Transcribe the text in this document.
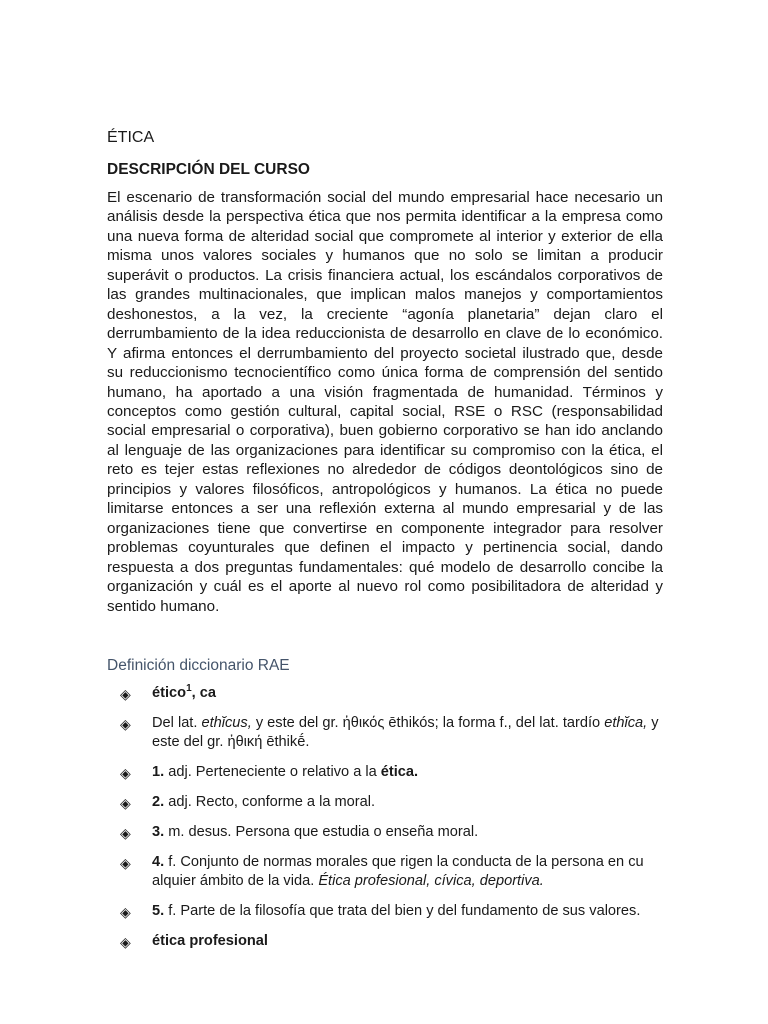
ÉTICA
DESCRIPCIÓN DEL CURSO

El escenario de transformación social del mundo empresarial hace necesario un análisis desde la perspectiva ética que nos permita identificar a la empresa como una nueva forma de alteridad social que compromete al interior y exterior de ella misma unos valores sociales y humanos que no solo se limitan a producir superávit o productos. La crisis financiera actual, los escándalos corporativos de las grandes multinacionales, que implican malos manejos y comportamientos deshonestos, a la vez, la creciente “agonía planetaria” dejan claro el derrumbamiento de la idea reduccionista de desarrollo en clave de lo económico. Y afirma entonces el derrumbamiento del proyecto societal ilustrado que, desde su reduccionismo tecnocientífico como única forma de comprensión del sentido humano, ha aportado a una visión fragmentada de humanidad. Términos y conceptos como gestión cultural, capital social, RSE o RSC (responsabilidad social empresarial o corporativa), buen gobierno corporativo se han ido anclando al lenguaje de las organizaciones para identificar su compromiso con la ética, el reto es tejer estas reflexiones no alrededor de códigos deontológicos sino de principios y valores filosóficos, antropológicos y humanos. La ética no puede limitarse entonces a ser una reflexión externa al mundo empresarial y de las organizaciones tiene que convertirse en componente integrador para resolver problemas coyunturales que definen el impacto y pertinencia social, dando respuesta a dos preguntas fundamentales: qué modelo de desarrollo concibe la organización y cuál es el aporte al nuevo rol como posibilitadora de alteridad y sentido humano.

Definición diccionario RAE
◈ ético$^1$, ca
◈ Del lat. ethĭcus, y este del gr. ἠθικός ēthikós; la forma f., del lat. tardío ethĭca, y este del gr. ἠθική ēthikḗ.
◈ 1. adj. Perteneciente o relativo a la ética.
◈ 2. adj. Recto, conforme a la moral.
◈ 3. m. desus. Persona que estudia o enseña moral.
◈ 4. f. Conjunto de normas morales que rigen la conducta de la persona en cu alquier ámbito de la vida. Ética profesional, cívica, deportiva.
◈ 5. f. Parte de la filosofía que trata del bien y del fundamento de sus valores.
◈ ética profesional
